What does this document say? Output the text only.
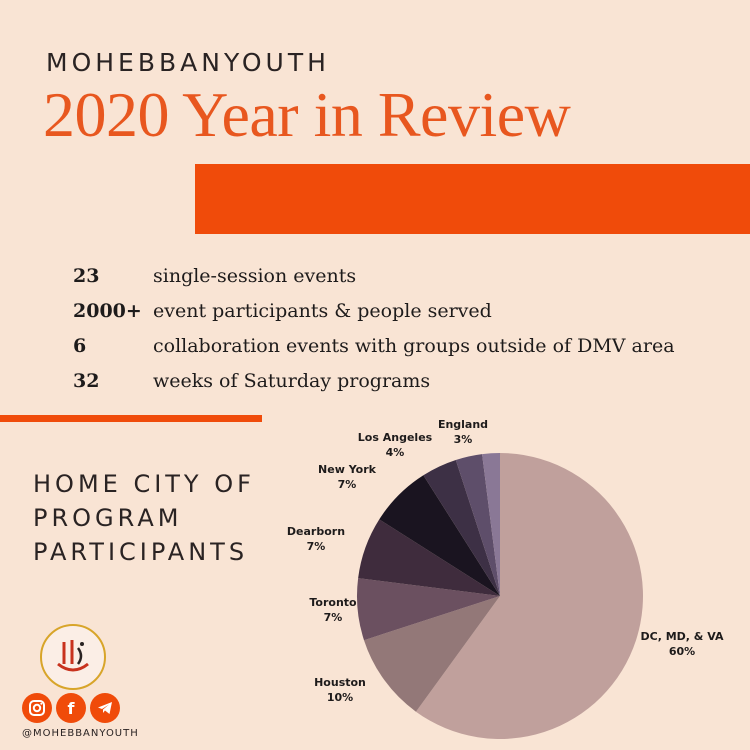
MOHEBBANYOUTH
2020 Year in Review
23	single-session events
2000+ event participants & people served
6	collaboration events with groups outside of DMV area
32	weeks of Saturday programs
HOME CITY OF
PROGRAM
PARTICIPANTS
DC, MD, & VA
60%
Houston
10%
Toronto
7%
Dearborn
7%
New York
7%
Los Angeles
4%
England
3%
f
@MOHEBBANYOUTH
